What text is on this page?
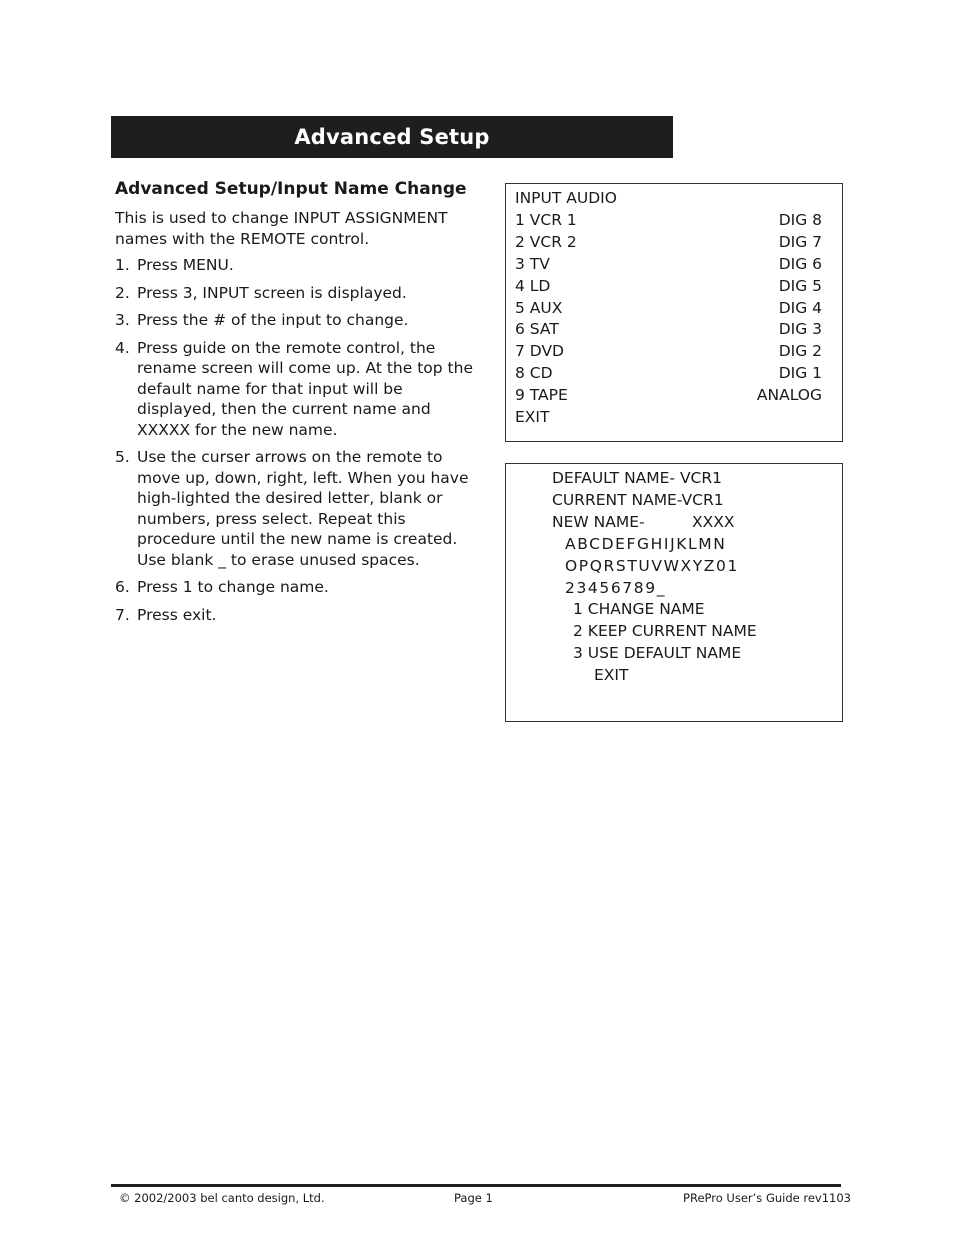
Advanced Setup
Advanced Setup/Input Name Change

This is used to change INPUT ASSIGNMENT names with the REMOTE control.

1. Press MENU.
2. Press 3, INPUT screen is displayed.
3. Press the # of the input to change.
4. Press guide on the remote control, the rename screen will come up. At the top the default name for that input will be displayed, then the current name and XXXXX for the new name.
5. Use the curser arrows on the remote to move up, down, right, left. When you have high-lighted the desired letter, blank or numbers, press select. Repeat this procedure until the new name is created. Use blank _ to erase unused spaces.
6. Press 1 to change name.
7. Press exit.
INPUT AUDIO
1 VCR 1	DIG 8
2 VCR 2	DIG 7
3 TV	DIG 6
4 LD	DIG 5
5 AUX	DIG 4
6 SAT	DIG 3
7 DVD	DIG 2
8 CD	DIG 1
9 TAPE	ANALOG
EXIT
DEFAULT NAME- VCR1
CURRENT NAME-VCR1
NEW NAME-	XXXX
ABCDEFGHIJKLMN
OPQRSTUVWXYZ01
23456789_
1 CHANGE NAME
2 KEEP CURRENT NAME
3 USE DEFAULT NAME
EXIT
© 2002/2003 bel canto design, Ltd.	Page 1	PRePro User’s Guide rev1103
